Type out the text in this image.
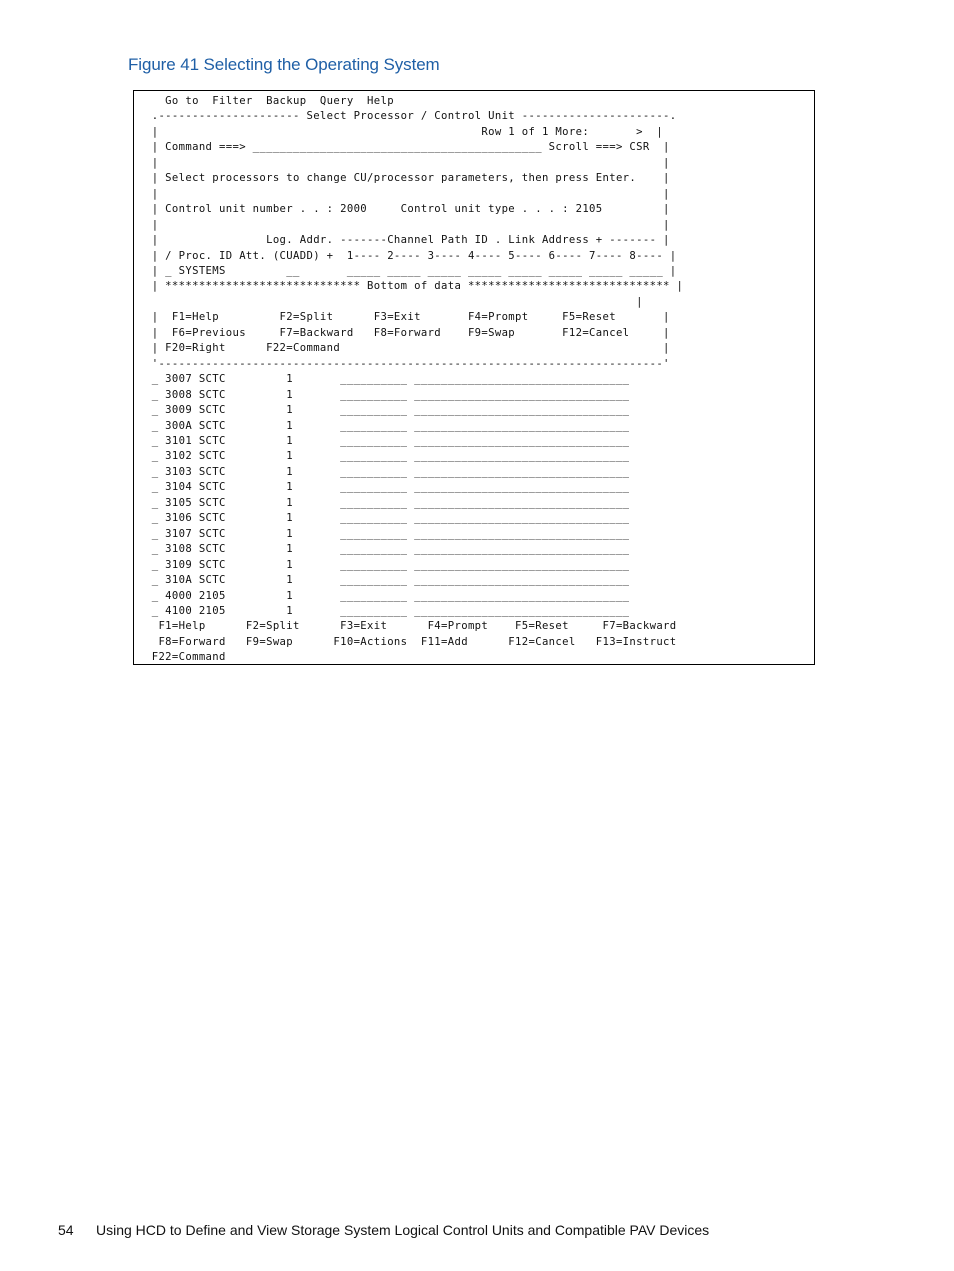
Figure 41 Selecting the Operating System
Go to  Filter  Backup  Query  Help
.--------------------- Select Processor / Control Unit ----------------------.
|                                                Row 1 of 1 More:       >  |
| Command ===> ___________________________________________ Scroll ===> CSR  |
|                                                                           |
| Select processors to change CU/processor parameters, then press Enter.    |
|                                                                           |
| Control unit number . . : 2000     Control unit type . . . : 2105         |
|                                                                           |
|                Log. Addr. -------Channel Path ID . Link Address + ------- |
| / Proc. ID Att. (CUADD) +  1---- 2---- 3---- 4---- 5---- 6---- 7---- 8---- |
| _ SYSTEMS         __       _____ _____ _____ _____ _____ _____ _____ _____ |
| ***************************** Bottom of data ****************************** |
|
|  F1=Help         F2=Split      F3=Exit       F4=Prompt     F5=Reset       |
|  F6=Previous     F7=Backward   F8=Forward    F9=Swap       F12=Cancel     |
| F20=Right      F22=Command                                                |
'---------------------------------------------------------------------------'
_ 3007 SCTC         1       __________ ________________________________
_ 3008 SCTC         1       __________ ________________________________
_ 3009 SCTC         1       __________ ________________________________
_ 300A SCTC         1       __________ ________________________________
_ 3101 SCTC         1       __________ ________________________________
_ 3102 SCTC         1       __________ ________________________________
_ 3103 SCTC         1       __________ ________________________________
_ 3104 SCTC         1       __________ ________________________________
_ 3105 SCTC         1       __________ ________________________________
_ 3106 SCTC         1       __________ ________________________________
_ 3107 SCTC         1       __________ ________________________________
_ 3108 SCTC         1       __________ ________________________________
_ 3109 SCTC         1       __________ ________________________________
_ 310A SCTC         1       __________ ________________________________
_ 4000 2105         1       __________ ________________________________
_ 4100 2105         1       __________ ________________________________
F1=Help      F2=Split      F3=Exit      F4=Prompt    F5=Reset     F7=Backward
F8=Forward   F9=Swap      F10=Actions  F11=Add      F12=Cancel   F13=Instruct
F22=Command
54 Using HCD to Define and View Storage System Logical Control Units and Compatible PAV Devices
